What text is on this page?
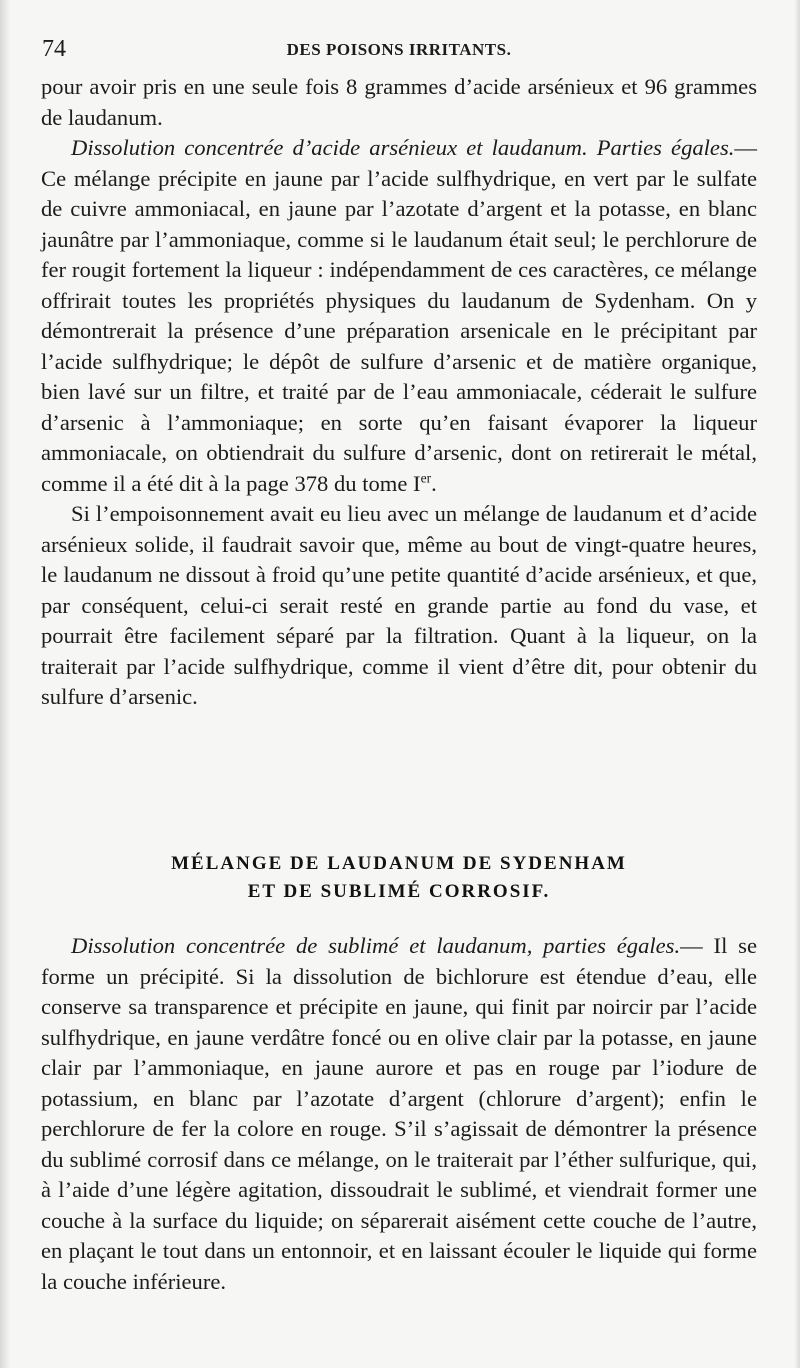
74	DES POISONS IRRITANTS.

pour avoir pris en une seule fois 8 grammes d’acide arsénieux et 96 grammes de laudanum.

Dissolution concentrée d’acide arsénieux et laudanum. Parties égales.— Ce mélange précipite en jaune par l’acide sulfhydrique, en vert par le sulfate de cuivre ammoniacal, en jaune par l’azotate d’argent et la potasse, en blanc jaunâtre par l’ammoniaque, comme si le laudanum était seul; le perchlorure de fer rougit fortement la liqueur : indépendamment de ces caractères, ce mélange offrirait toutes les propriétés physiques du laudanum de Sydenham. On y démontrerait la présence d’une préparation arsenicale en le précipitant par l’acide sulfhydrique; le dépôt de sulfure d’arsenic et de matière organique, bien lavé sur un filtre, et traité par de l’eau ammoniacale, céderait le sulfure d’arsenic à l’ammoniaque; en sorte qu’en faisant évaporer la liqueur ammoniacale, on obtiendrait du sulfure d’arsenic, dont on retirerait le métal, comme il a été dit à la page 378 du tome Ier.

Si l’empoisonnement avait eu lieu avec un mélange de laudanum et d’acide arsénieux solide, il faudrait savoir que, même au bout de vingt-quatre heures, le laudanum ne dissout à froid qu’une petite quantité d’acide arsénieux, et que, par conséquent, celui-ci serait resté en grande partie au fond du vase, et pourrait être facilement séparé par la filtration. Quant à la liqueur, on la traiterait par l’acide sulfhydrique, comme il vient d’être dit, pour obtenir du sulfure d’arsenic.

MÉLANGE DE LAUDANUM DE SYDENHAM
ET DE SUBLIMÉ CORROSIF.

Dissolution concentrée de sublimé et laudanum, parties égales.— Il se forme un précipité. Si la dissolution de bichlorure est étendue d’eau, elle conserve sa transparence et précipite en jaune, qui finit par noircir par l’acide sulfhydrique, en jaune verdâtre foncé ou en olive clair par la potasse, en jaune clair par l’ammoniaque, en jaune aurore et pas en rouge par l’iodure de potassium, en blanc par l’azotate d’argent (chlorure d’argent); enfin le perchlorure de fer la colore en rouge. S’il s’agissait de démontrer la présence du sublimé corrosif dans ce mélange, on le traiterait par l’éther sulfurique, qui, à l’aide d’une légère agitation, dissoudrait le sublimé, et viendrait former une couche à la surface du liquide; on séparerait aisément cette couche de l’autre, en plaçant le tout dans un entonnoir, et en laissant écouler le liquide qui forme la couche inférieure.
